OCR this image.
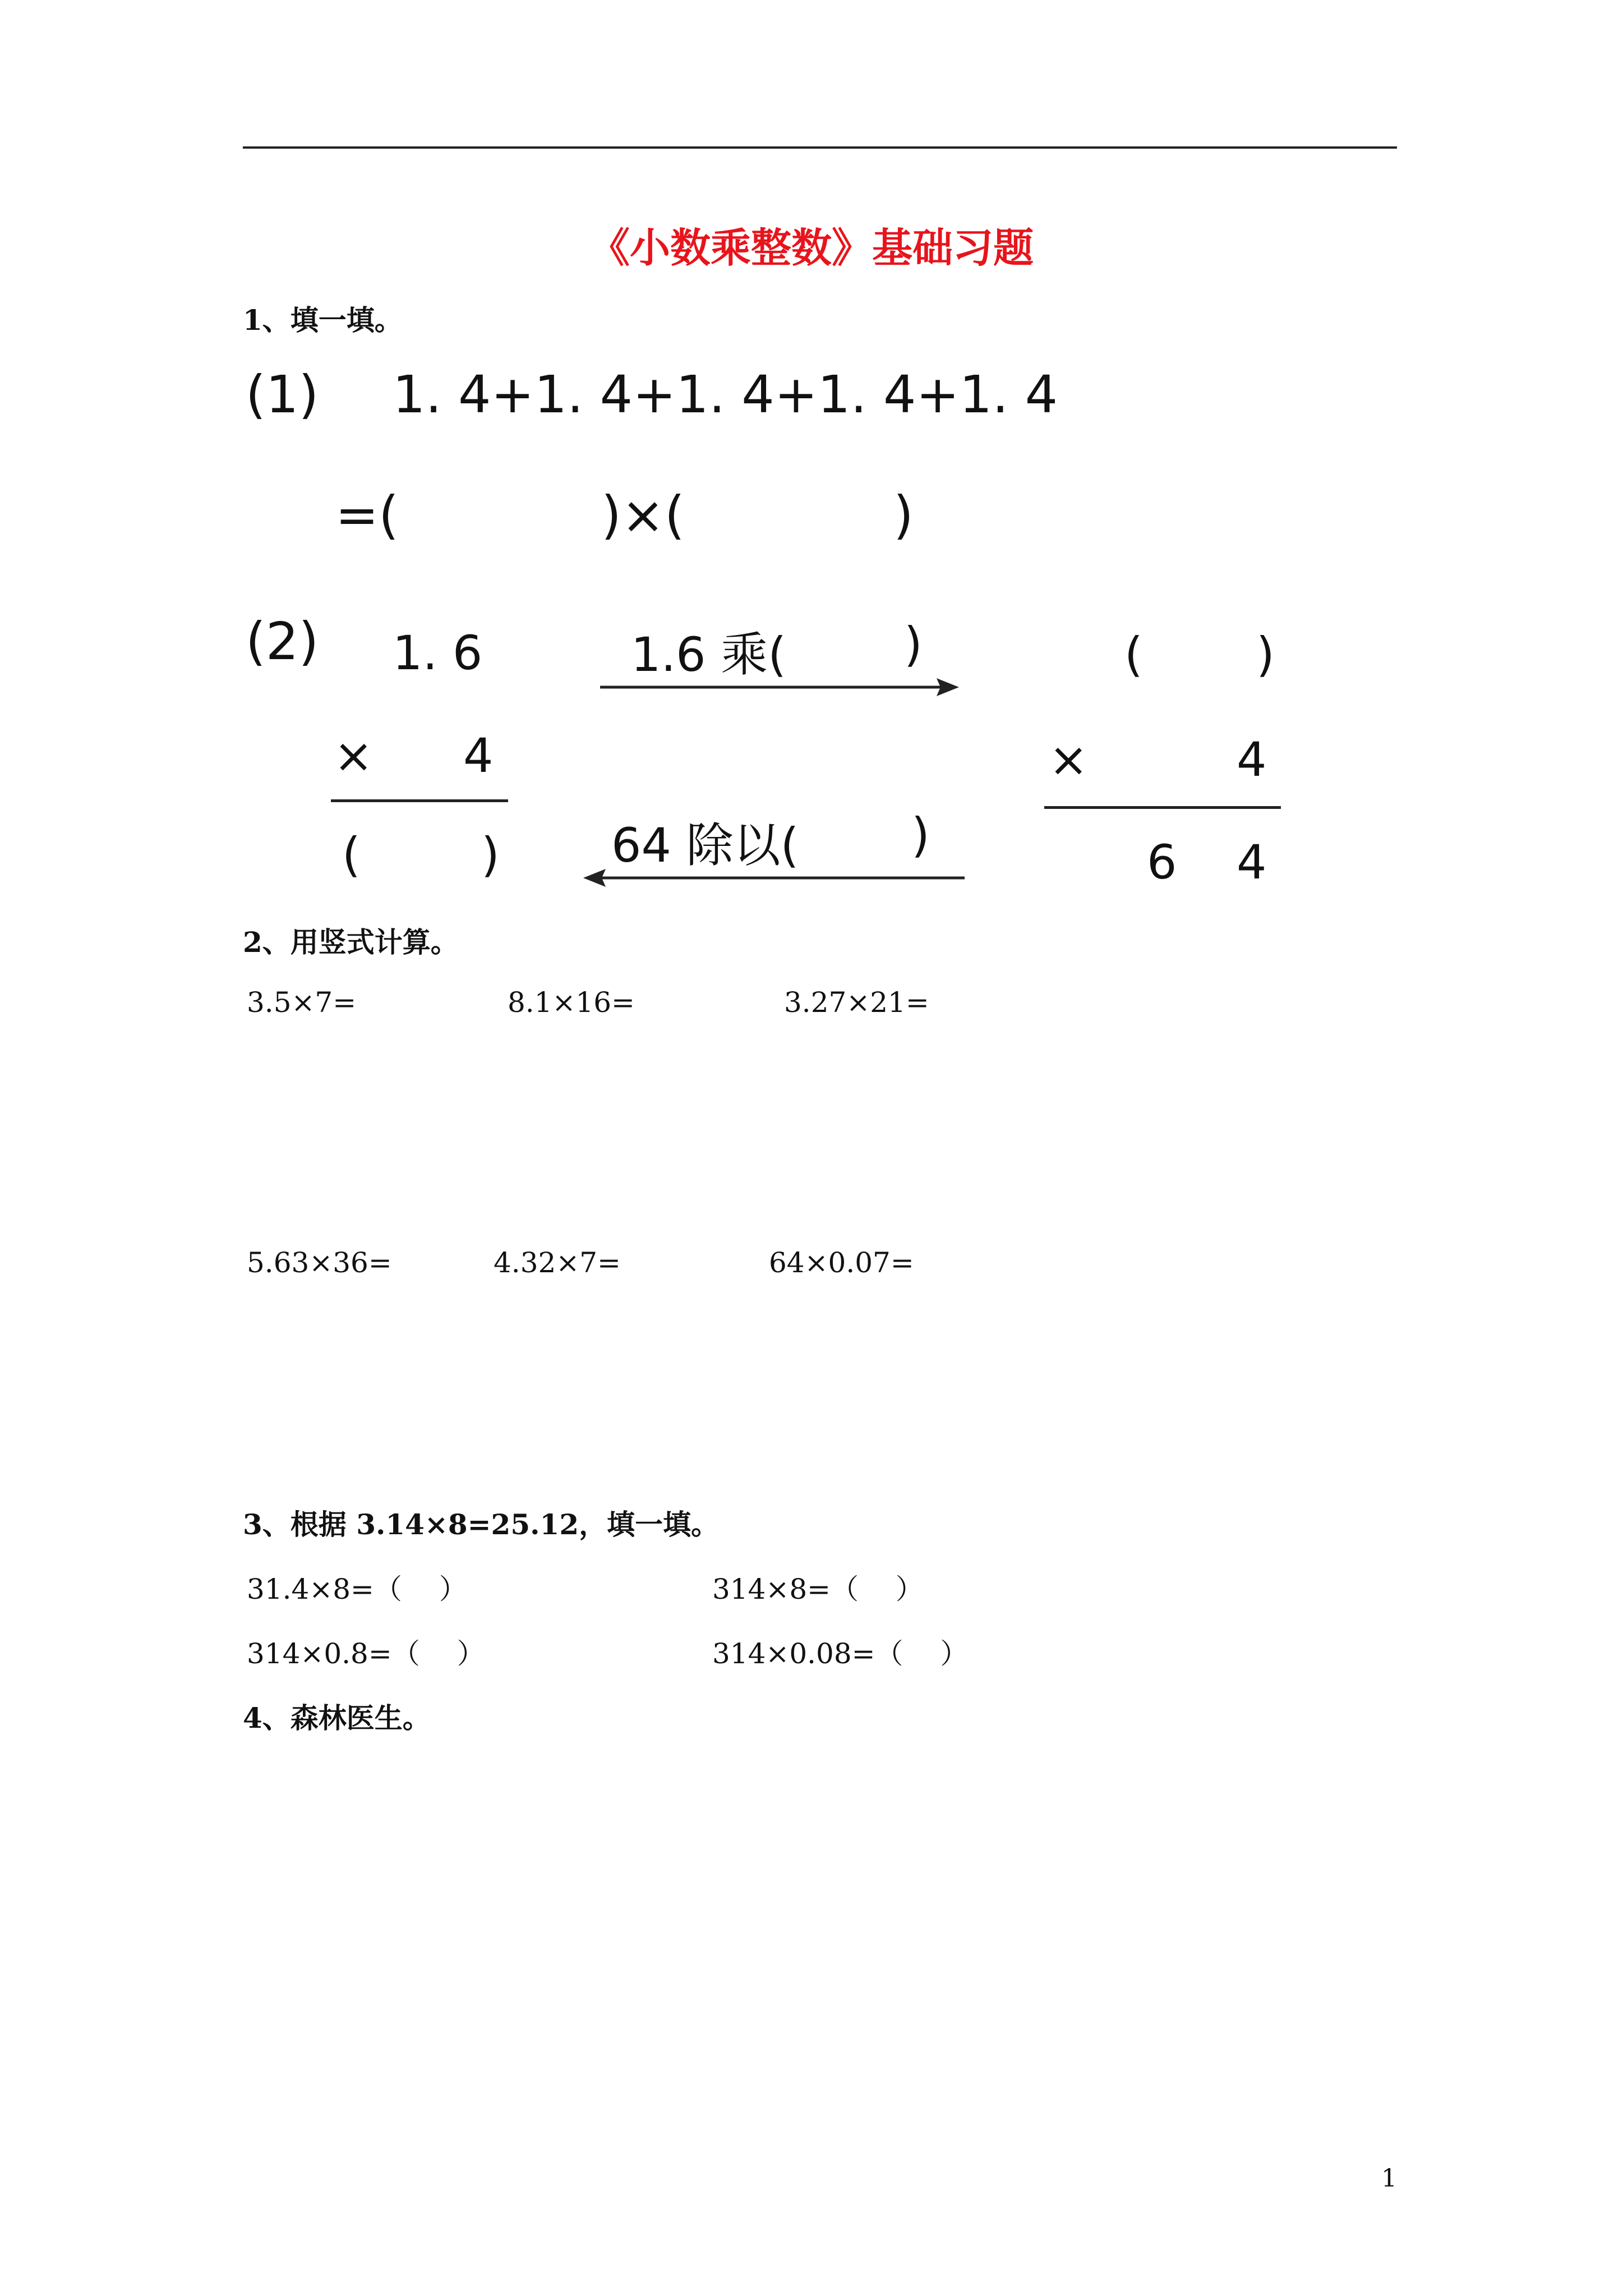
《小数乘整数》基础习题
1、填一填。
(1) 1. 4+1. 4+1. 4+1. 4+1. 4
=(	)×(	)
(2) 1. 6
× 4
(	)
1.6 乘( )
64 除以( )
( )
×	4
6 4
2、用竖式计算。
3.5×7=	8.1×16=	3.27×21=
5.63×36=	4.32×7=	64×0.07=
3、根据 3.14×8=25.12，填一填。
31.4×8=（　 ）	314×8=（　 ）
314×0.8=（　 ）	314×0.08=（　 ）
4、森林医生。
1
